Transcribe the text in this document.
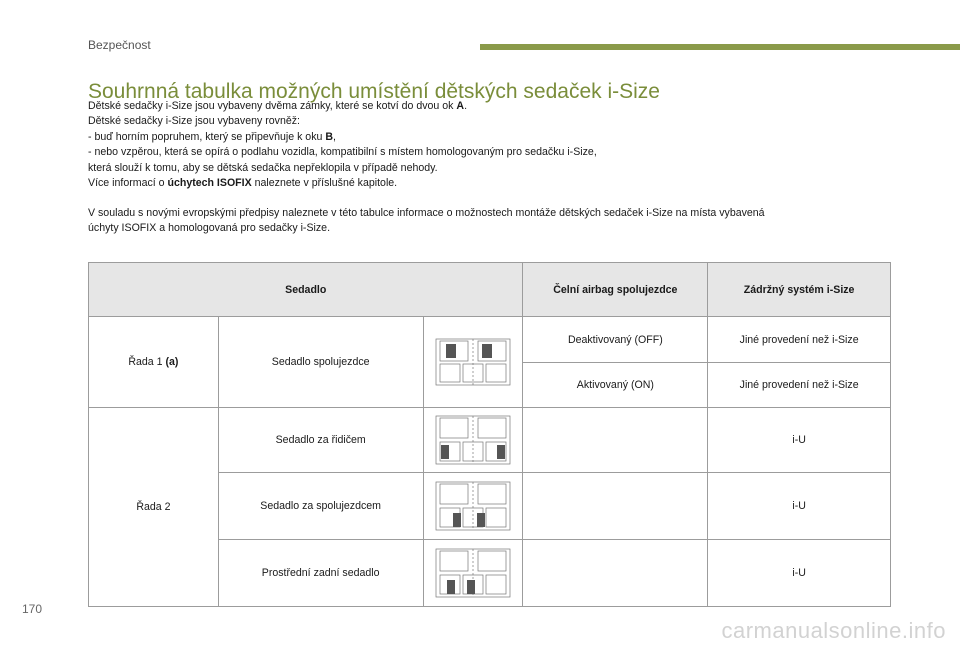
Bezpečnost
Souhrnná tabulka možných umístění dětských sedaček i-Size

Dětské sedačky i-Size jsou vybaveny dvěma zámky, které se kotví do dvou ok A.

Dětské sedačky i-Size jsou vybaveny rovněž:

- buď horním popruhem, který se připevňuje k oku B,

- nebo vzpěrou, která se opírá o podlahu vozidla, kompatibilní s místem homologovaným pro sedačku i-Size,

která slouží k tomu, aby se dětská sedačka nepřeklopila v případě nehody.

Více informací o úchytech ISOFIX naleznete v příslušné kapitole.

V souladu s novými evropskými předpisy naleznete v této tabulce informace o možnostech montáže dětských sedaček i-Size na místa vybavená

úchyty ISOFIX a homologovaná pro sedačky i-Size.

Sedadlo			Čelní airbag spolujezdce	Zádržný systém i-Size
Řada 1 (a)	Sedadlo spolujezdce		Deaktivovaný (OFF)	Jiné provedení než i-Size
			Aktivovaný (ON)	Jiné provedení než i-Size
Řada 2	Sedadlo za řidičem			i-U
	Sedadlo za spolujezdcem			i-U
	Prostřední zadní sedadlo			i-U
170
carmanualsonline.info
